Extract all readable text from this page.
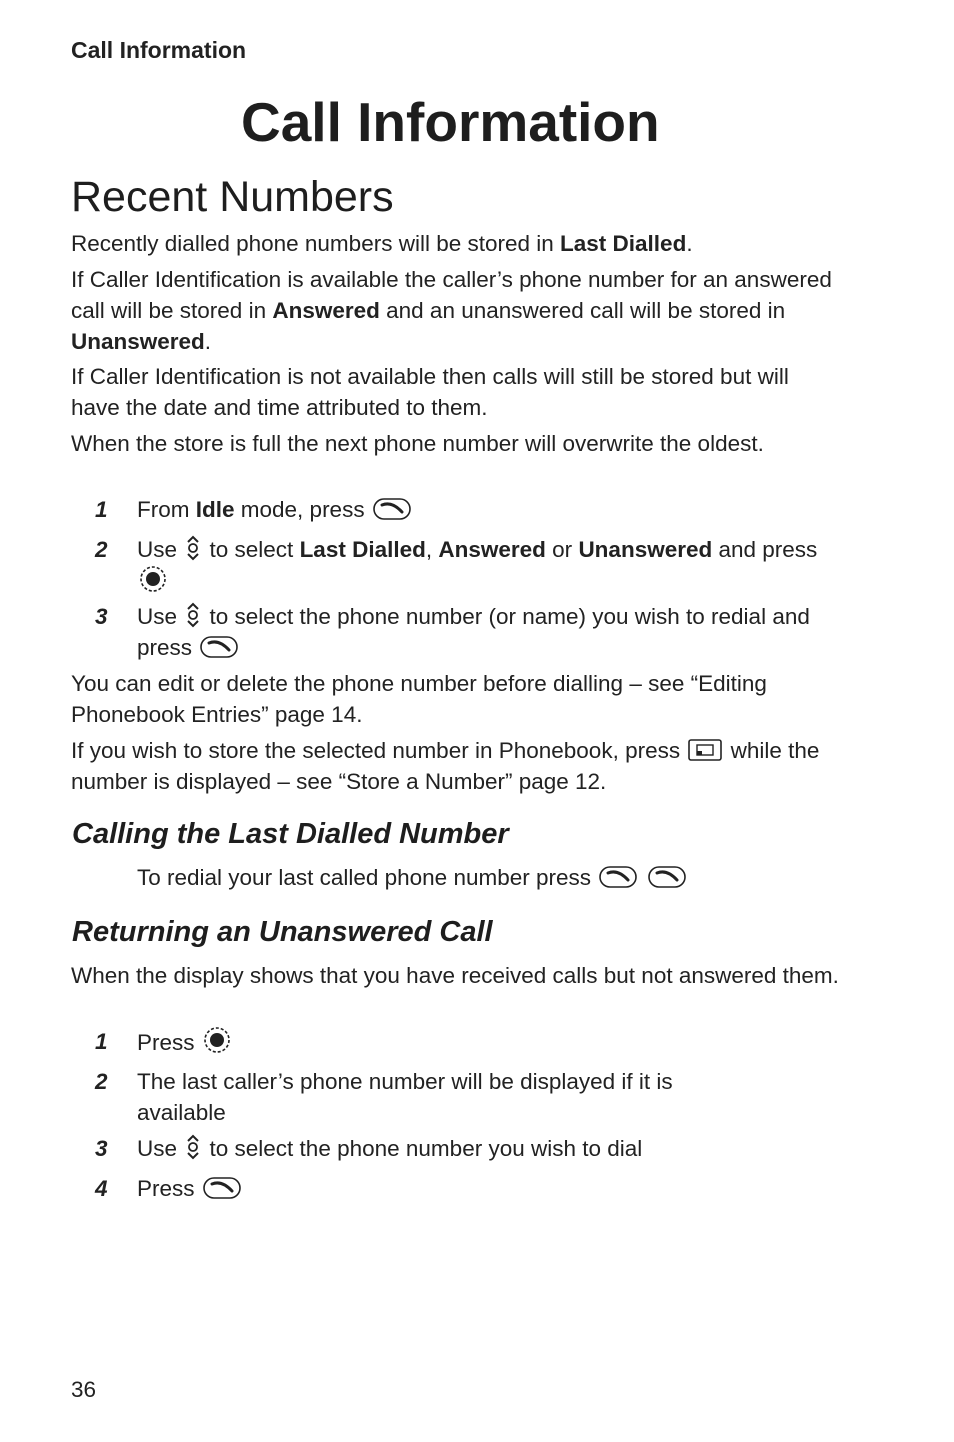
Call Information
Call Information
Recent Numbers

Recently dialled phone numbers will be stored in Last Dialled.

If Caller Identification is available the caller’s phone number for an answered call will be stored in Answered and an unanswered call will be stored in Unanswered.

If Caller Identification is not available then calls will still be stored but will have the date and time attributed to them.

When the store is full the next phone number will overwrite the oldest.

1 From Idle mode, press
2 Use
to select Last Dialled, Answered or Unanswered and press
3 Use
to select the phone number (or name) you wish to redial and press

You can edit or delete the phone number before dialling – see “Editing Phonebook Entries” page 14.

If you wish to store the selected number in Phonebook, press
while the number is displayed – see “Store a Number” page 12.

Calling the Last Dialled Number
To redial your last called phone number press

Returning an Unanswered Call

When the display shows that you have received calls but not answered them.

1 Press
2 The last caller’s phone number will be displayed if it is available
3 Use
to select the phone number you wish to dial
4 Press
36
